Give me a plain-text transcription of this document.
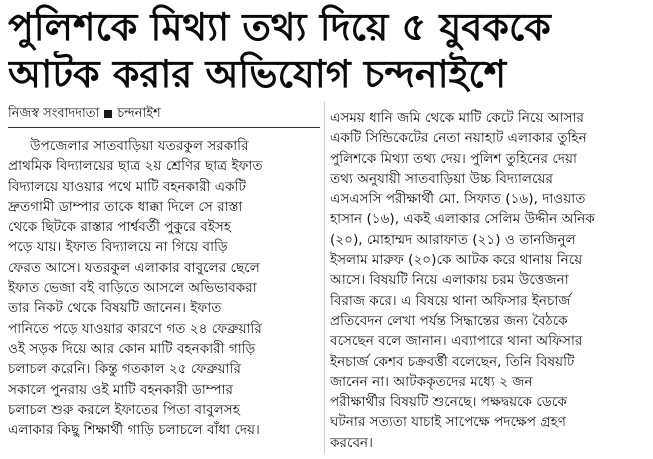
পুলিশকে মিথ্যা তথ্য দিয়ে ৫ যুবককে
আটক করার অভিযোগ চন্দনাইশে
নিজস্ব সংবাদদাতা চন্দনাইশ
উপজেলার সাতবাড়িয়া যতরকুল সরকারি
প্রাথমিক বিদ্যালয়ের ছাত্র ২য় শ্রেণির ছাত্র ইফাত
বিদ্যালয়ে যাওয়ার পথে মাটি বহনকারী একটি
দ্রুতগামী ডাম্পার তাকে ধাক্কা দিলে সে রাস্তা
থেকে ছিটকে রাস্তার পার্শ্ববর্তী পুকুরে বইসহ
পড়ে যায়। ইফাত বিদ্যালয়ে না গিয়ে বাড়ি
ফেরত আসে। যতরকুল এলাকার বাবুলের ছেলে
ইফাত ভেজা বই বাড়িতে আসলে অভিভাবকরা
তার নিকট থেকে বিষয়টি জানেন। ইফাত
পানিতে পড়ে যাওয়ার কারণে গত ২৪ ফেব্রুয়ারি
ওই সড়ক দিয়ে আর কোন মাটি বহনকারী গাড়ি
চলাচল করেনি। কিন্তু গতকাল ২৫ ফেব্রুয়ারি
সকালে পুনরায় ওই মাটি বহনকারী ডাম্পার
চলাচল শুরু করলে ইফাতের পিতা বাবুলসহ
এলাকার কিছু শিক্ষার্থী গাড়ি চলাচলে বাঁধা দেয়।
এসময় ধানি জমি থেকে মাটি কেটে নিয়ে আসার
একটি সিন্ডিকেটের নেতা নয়াহাট এলাকার তুহিন
পুলিশকে মিথ্যা তথ্য দেয়। পুলিশ তুহিনের দেয়া
তথ্য অনুযায়ী সাতবাড়িয়া উচ্চ বিদ্যালয়ের
এসএসসি পরীক্ষার্থী মো. সিফাত (১৬), দাওয়াত
হাসান (১৬), একই এলাকার সেলিম উদ্দীন অনিক
(২০), মোহাম্মদ আরাফাত (২১) ও তানজিনুল
ইসলাম মারুফ (২০)কে আটক করে থানায় নিয়ে
আসে। বিষয়টি নিয়ে এলাকায় চরম উত্তেজনা
বিরাজ করে। এ বিষয়ে থানা অফিসার ইনচার্জ
প্রতিবেদন লেখা পর্যন্ত সিদ্ধান্তের জন্য বৈঠকে
বসেছেন বলে জানান। এব্যাপারে থানা অফিসার
ইনচার্জ কেশব চক্রবর্ত্তী বলেছেন, তিনি বিষয়টি
জানেন না। আটককৃতদের মধ্যে ২ জন
পরীক্ষার্থীর বিষয়টি শুনেছে। পক্ষদ্বয়কে ডেকে
ঘটনার সত্যতা যাচাই সাপেক্ষে পদক্ষেপ গ্রহণ
করবেন।
